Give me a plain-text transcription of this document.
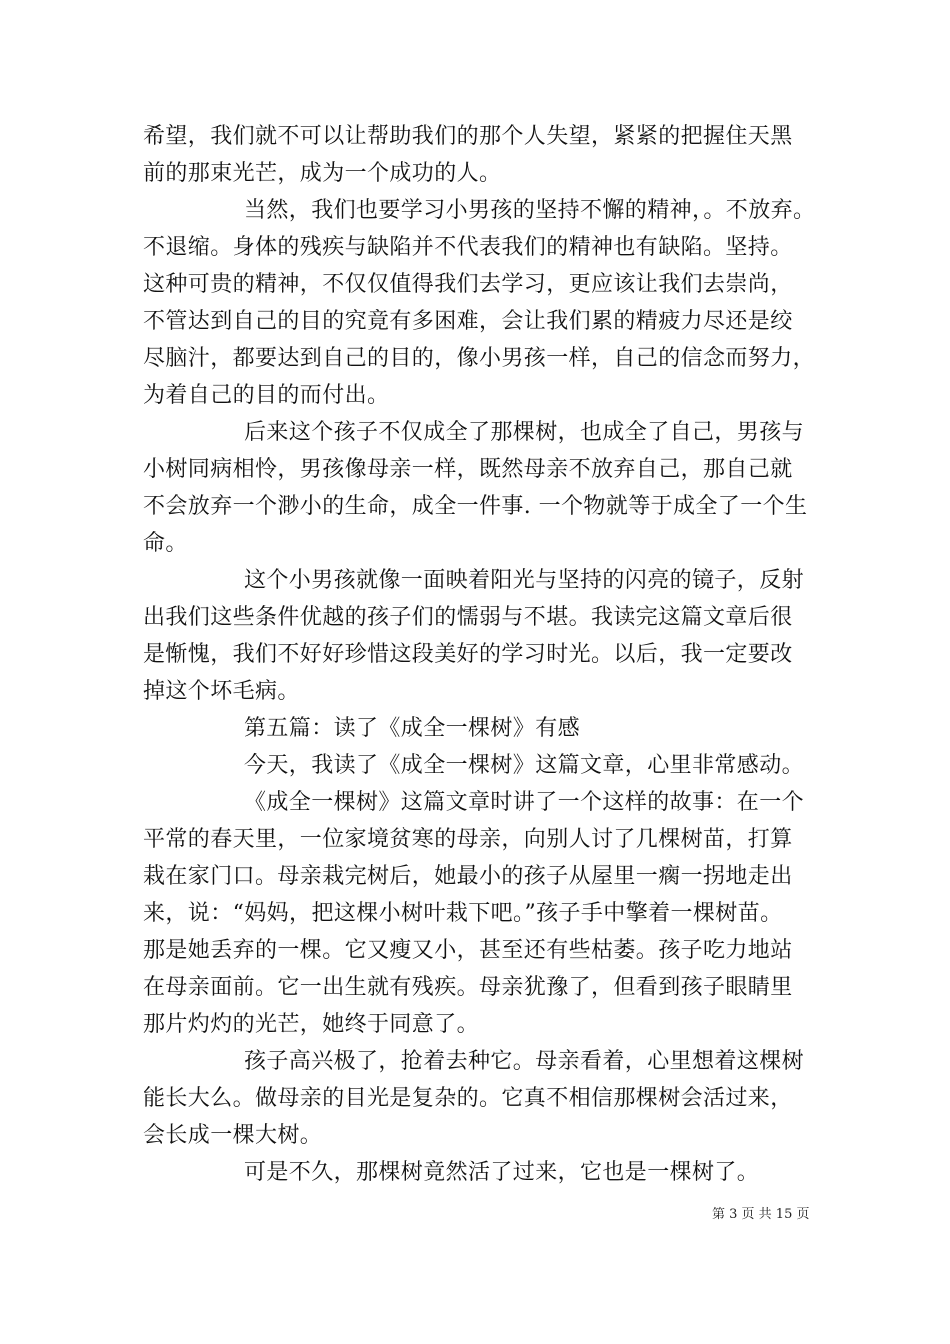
希望，我们就不可以让帮助我们的那个人失望，紧紧的把握住天黑
前的那束光芒，成为一个成功的人。
当然，我们也要学习小男孩的坚持不懈的精神，。不放弃。
不退缩。身体的残疾与缺陷并不代表我们的精神也有缺陷。坚持。
这种可贵的精神，不仅仅值得我们去学习，更应该让我们去崇尚，
不管达到自己的目的究竟有多困难，会让我们累的精疲力尽还是绞
尽脑汁，都要达到自己的目的，像小男孩一样，自己的信念而努力，
为着自己的目的而付出。
后来这个孩子不仅成全了那棵树，也成全了自己，男孩与
小树同病相怜，男孩像母亲一样，既然母亲不放弃自己，那自己就
不会放弃一个渺小的生命，成全一件事. 一个物就等于成全了一个生
命。
这个小男孩就像一面映着阳光与坚持的闪亮的镜子，反射
出我们这些条件优越的孩子们的懦弱与不堪。我读完这篇文章后很
是惭愧，我们不好好珍惜这段美好的学习时光。以后，我一定要改
掉这个坏毛病。
第五篇：读了《成全一棵树》有感
今天，我读了《成全一棵树》这篇文章，心里非常感动。
《成全一棵树》这篇文章时讲了一个这样的故事：在一个
平常的春天里，一位家境贫寒的母亲，向别人讨了几棵树苗，打算
栽在家门口。母亲栽完树后，她最小的孩子从屋里一瘸一拐地走出
来，说：“妈妈，把这棵小树叶栽下吧。”孩子手中擎着一棵树苗。
那是她丢弃的一棵。它又瘦又小，甚至还有些枯萎。孩子吃力地站
在母亲面前。它一出生就有残疾。母亲犹豫了，但看到孩子眼睛里
那片灼灼的光芒，她终于同意了。
孩子高兴极了，抢着去种它。母亲看着，心里想着这棵树
能长大么。做母亲的目光是复杂的。它真不相信那棵树会活过来，
会长成一棵大树。
可是不久，那棵树竟然活了过来，它也是一棵树了。
第 3 页 共 15 页
